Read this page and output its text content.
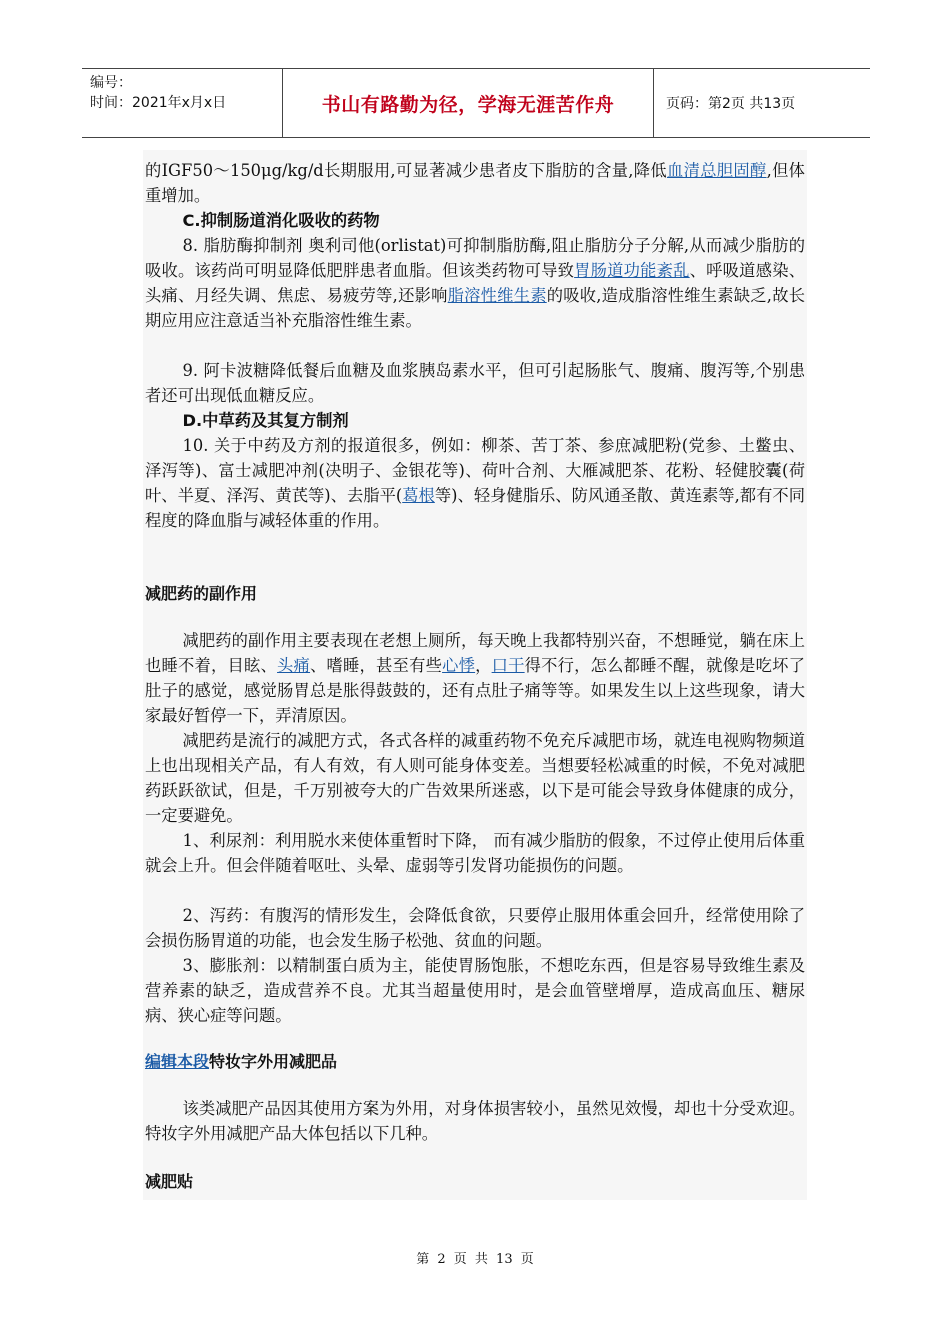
编号：
时间：2021年x月x日	书山有路勤为径，学海无涯苦作舟	页码：第2页 共13页

的IGF50～150μg/kg/d长期服用,可显著减少患者皮下脂肪的含量,降低血清总胆固醇,但体重增加。

C.抑制肠道消化吸收的药物

8. 脂肪酶抑制剂 奥利司他(orlistat)可抑制脂肪酶,阻止脂肪分子分解,从而减少脂肪的吸收。该药尚可明显降低肥胖患者血脂。但该类药物可导致胃肠道功能紊乱、呼吸道感染、头痛、月经失调、焦虑、易疲劳等,还影响脂溶性维生素的吸收,造成脂溶性维生素缺乏,故长期应用应注意适当补充脂溶性维生素。

9. 阿卡波糖降低餐后血糖及血浆胰岛素水平，但可引起肠胀气、腹痛、腹泻等,个别患者还可出现低血糖反应。

D.中草药及其复方制剂

10. 关于中药及方剂的报道很多，例如：柳茶、苦丁茶、参庶减肥粉(党参、土鳖虫、泽泻等)、富士减肥冲剂(决明子、金银花等)、荷叶合剂、大雁减肥茶、花粉、轻健胶囊(荷叶、半夏、泽泻、黄芪等)、去脂平(葛根等)、轻身健脂乐、防风通圣散、黄连素等,都有不同程度的降血脂与减轻体重的作用。

减肥药的副作用

减肥药的副作用主要表现在老想上厕所，每天晚上我都特别兴奋，不想睡觉，躺在床上也睡不着，目眩、头痛、嗜睡，甚至有些心悸，口干得不行，怎么都睡不醒，就像是吃坏了肚子的感觉，感觉肠胃总是胀得鼓鼓的，还有点肚子痛等等。如果发生以上这些现象，请大家最好暂停一下，弄清原因。

减肥药是流行的减肥方式，各式各样的减重药物不免充斥减肥市场，就连电视购物频道上也出现相关产品，有人有效，有人则可能身体变差。当想要轻松减重的时候，不免对减肥药跃跃欲试，但是，千万别被夸大的广告效果所迷惑，以下是可能会导致身体健康的成分，一定要避免。

1、利尿剂：利用脱水来使体重暂时下降， 而有减少脂肪的假象，不过停止使用后体重就会上升。但会伴随着呕吐、头晕、虚弱等引发肾功能损伤的问题。

2、泻药：有腹泻的情形发生，会降低食欲，只要停止服用体重会回升，经常使用除了会损伤肠胃道的功能，也会发生肠子松弛、贫血的问题。

3、膨胀剂：以精制蛋白质为主，能使胃肠饱胀，不想吃东西，但是容易导致维生素及营养素的缺乏，造成营养不良。尤其当超量使用时，是会血管壁增厚，造成高血压、糖尿病、狭心症等问题。

编辑本段特妆字外用减肥品

该类减肥产品因其使用方案为外用，对身体损害较小，虽然见效慢，却也十分受欢迎。特妆字外用减肥产品大体包括以下几种。

减肥贴

第 2 页 共 13 页
